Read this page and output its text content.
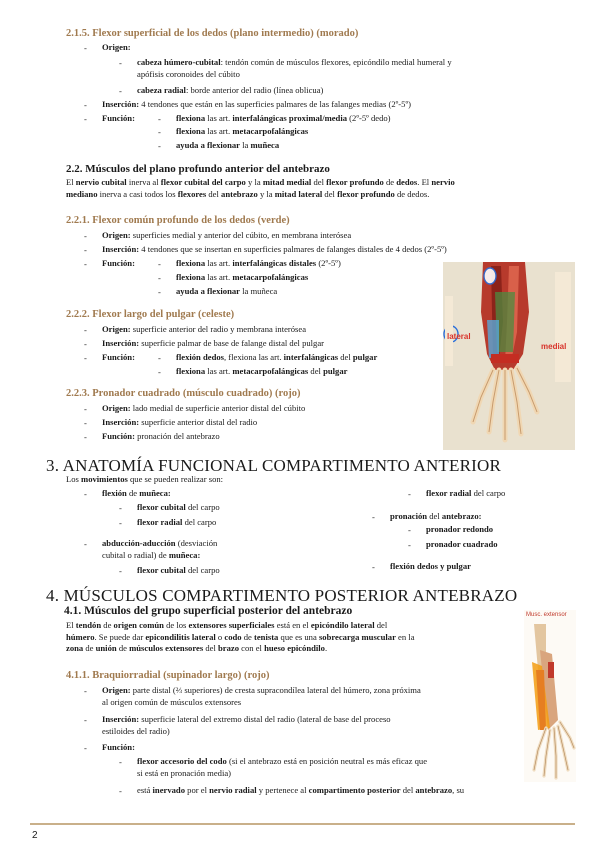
2.1.5. Flexor superficial de los dedos (plano intermedio) (morado)
- Origen:
- cabeza húmero-cubital: tendón común de músculos flexores, epicóndilo medial humeral y
apófisis coronoides del cúbito
- cabeza radial: borde anterior del radio (línea oblicua)
- Inserción: 4 tendones que están en las superficies palmares de las falanges medias (2º-5º)
- Función:	- flexiona las art. interfalángicas proximal/media (2º-5º dedo)
- flexiona las art. metacarpofalángicas
- ayuda a flexionar la muñeca
2.2. Músculos del plano profundo anterior del antebrazo
El nervio cubital inerva al flexor cubital del carpo y la mitad medial del flexor profundo de dedos. El nervio
mediano inerva a casi todos los flexores del antebrazo y la mitad lateral del flexor profundo de dedos.
2.2.1. Flexor común profundo de los dedos (verde)
- Origen: superficies medial y anterior del cúbito, en membrana interósea
- Inserción: 4 tendones que se insertan en superficies palmares de falanges distales de 4 dedos (2º-5º)
- Función:	- flexiona las art. interfalángicas distales (2º-5º)
- flexiona las art. metacarpofalángicas
- ayuda a flexionar la muñeca
2.2.2. Flexor largo del pulgar (celeste)
- Origen: superficie anterior del radio y membrana interósea
- Inserción: superficie palmar de base de falange distal del pulgar
- Función:	- flexión dedos, flexiona las art. interfalángicas del pulgar
- flexiona las art. metacarpofalángicas del pulgar
2.2.3. Pronador cuadrado (músculo cuadrado) (rojo)
- Origen: lado medial de superficie anterior distal del cúbito
- Inserción: superficie anterior distal del radio
- Función: pronación del antebrazo
lateral
medial
3. ANATOMÍA FUNCIONAL COMPARTIMENTO ANTERIOR
Los movimientos que se pueden realizar son:
- flexión de muñeca:
- flexor cubital del carpo
- flexor radial del carpo
- abducción-aducción (desviación
cubital o radial) de muñeca:
- flexor cubital del carpo
- flexor radial del carpo
- pronación del antebrazo:
- pronador redondo
- pronador cuadrado
- flexión dedos y pulgar
4. MÚSCULOS COMPARTIMENTO POSTERIOR ANTEBRAZO
4.1. Músculos del grupo superficial posterior del antebrazo
El tendón de origen común de los extensores superficiales está en el epicóndilo lateral del
húmero. Se puede dar epicondilitis lateral o codo de tenista que es una sobrecarga muscular en la
zona de unión de músculos extensores del brazo con el hueso epicóndilo.
4.1.1. Braquiorradial (supinador largo) (rojo)
- Origen: parte distal (⅔ superiores) de cresta supracondílea lateral del húmero, zona próxima
al origen común de músculos extensores
- Inserción: superficie lateral del extremo distal del radio (lateral de base del proceso
estiloides del radio)
- Función:
- flexor accesorio del codo (si el antebrazo está en posición neutral es más eficaz que
si está en pronación media)
- está inervado por el nervio radial y pertenece al compartimento posterior del antebrazo, su
Musc. extensor
2
